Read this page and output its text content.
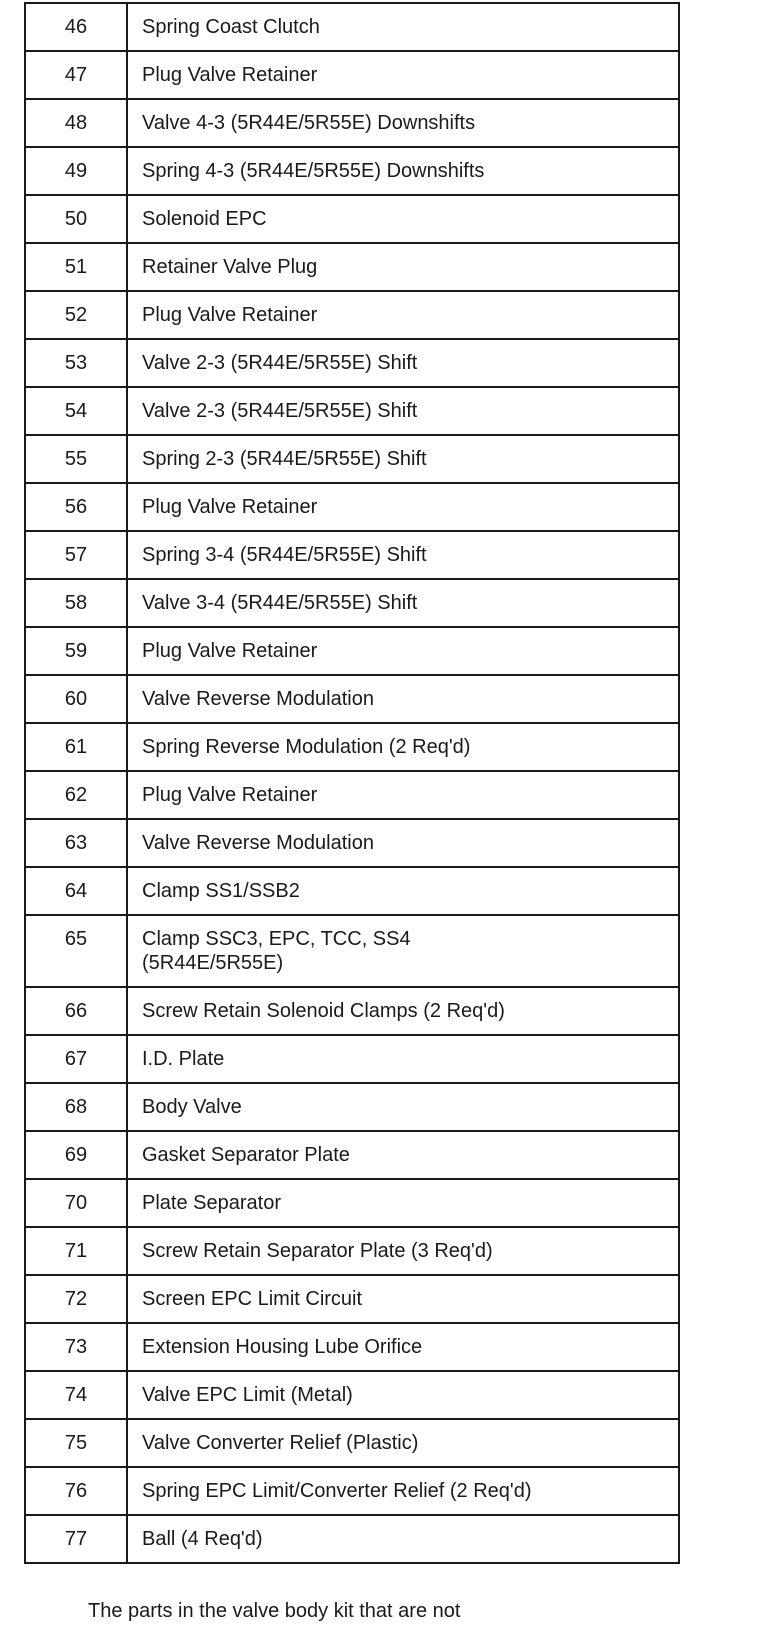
46	Spring Coast Clutch
47	Plug Valve Retainer
48	Valve 4-3 (5R44E/5R55E) Downshifts
49	Spring 4-3 (5R44E/5R55E) Downshifts
50	Solenoid EPC
51	Retainer Valve Plug
52	Plug Valve Retainer
53	Valve 2-3 (5R44E/5R55E) Shift
54	Valve 2-3 (5R44E/5R55E) Shift
55	Spring 2-3 (5R44E/5R55E) Shift
56	Plug Valve Retainer
57	Spring 3-4 (5R44E/5R55E) Shift
58	Valve 3-4 (5R44E/5R55E) Shift
59	Plug Valve Retainer
60	Valve Reverse Modulation
61	Spring Reverse Modulation (2 Req'd)
62	Plug Valve Retainer
63	Valve Reverse Modulation
64	Clamp SS1/SSB2
65	Clamp SSC3, EPC, TCC, SS4
(5R44E/5R55E)
66	Screw Retain Solenoid Clamps (2 Req'd)
67	I.D. Plate
68	Body Valve
69	Gasket Separator Plate
70	Plate Separator
71	Screw Retain Separator Plate (3 Req'd)
72	Screen EPC Limit Circuit
73	Extension Housing Lube Orifice
74	Valve EPC Limit (Metal)
75	Valve Converter Relief (Plastic)
76	Spring EPC Limit/Converter Relief (2 Req'd)
77	Ball (4 Req'd)
The parts in the valve body kit that are not
